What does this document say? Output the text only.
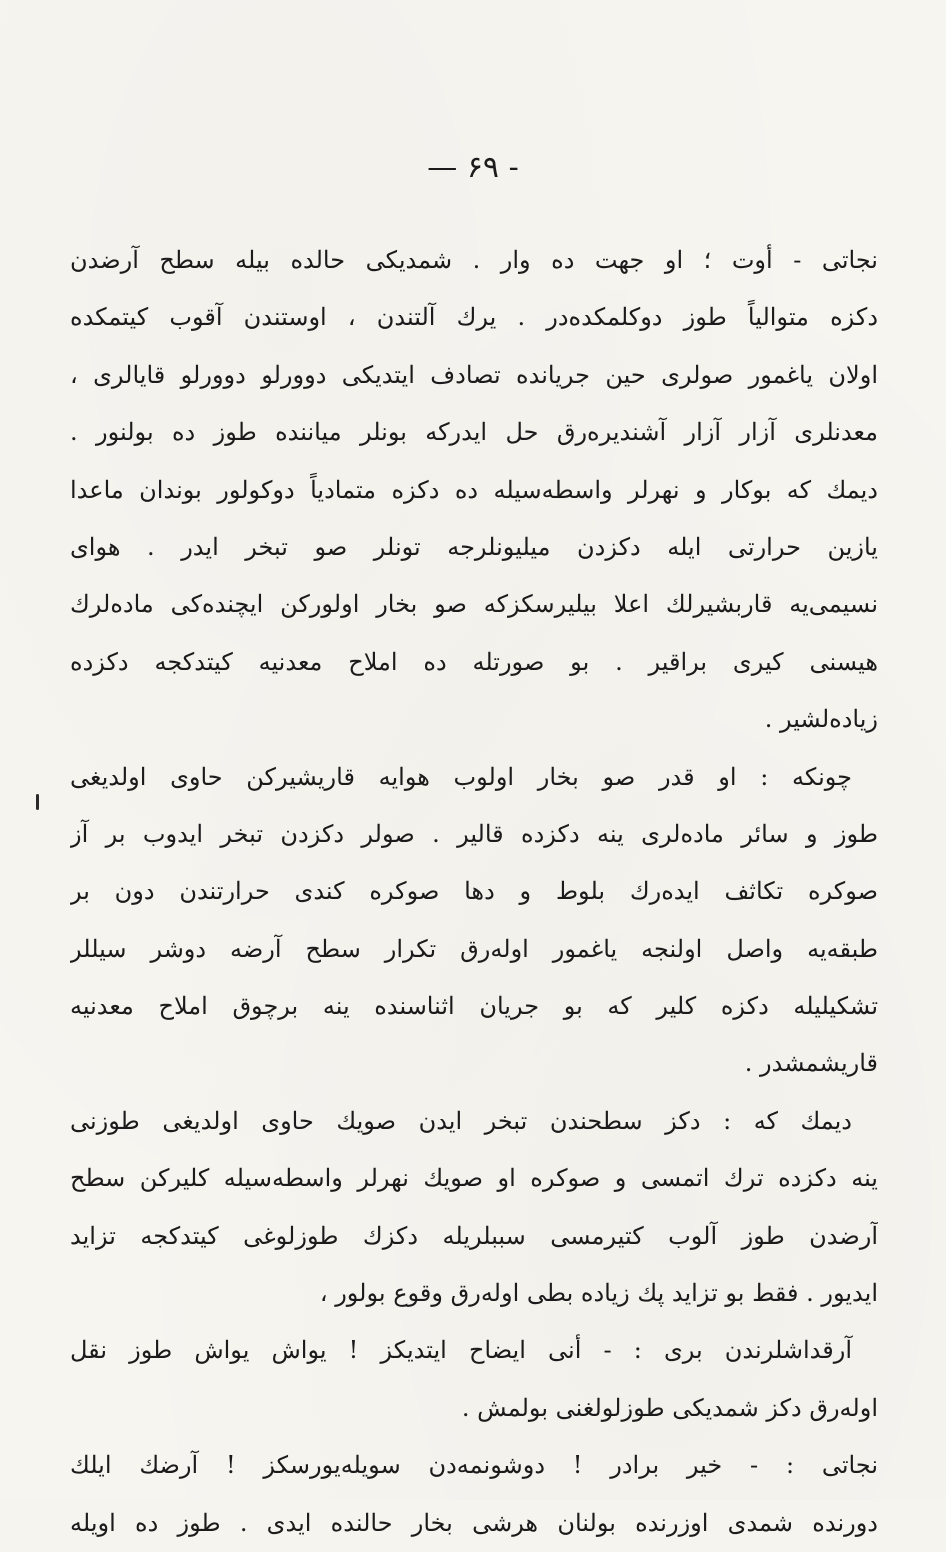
— ۶۹ -
نجاتی - أوت ؛ او جهت ده وار . شمدیکی حالده بیله سطح آرضدن
دکزه متوالیاً طوز دوکلمکده‌در . یرك آلتندن ، اوستندن آقوب کیتمکده
اولان یاغمور صولری حین جریانده تصادف ایتدیکی دوورلو دوورلو قایالری ،
معدنلری آزار آزار آشندیره‌رق حل ایدرکه بونلر میاننده طوز ده بولنور .
دیمك كه بوکار و نهرلر واسطه‌سیله ده دکزه متمادیاً دوکولور بوندان ماعدا
یازین حرارتی ایله دکزدن میلیونلرجه تونلر صو تبخر ایدر . هوای
نسیمی‌یه قاربشیرلك اعلا بیلیرسکزکه صو بخار اولورکن ایچنده‌کی ماده‌لرك
هیسنی کیری براقیر . بو صورتله ده املاح معدنیه کیتدکجه دکزده
زیاده‌لشیر .
چونکه : او قدر صو بخار اولوب هوایه قاریشیرکن حاوی اولدیغی
طوز و سائر ماده‌لری ینه دکزده قالیر . صولر دکزدن تبخر ایدوب بر آز
صوکره تکاثف ایده‌رك بلوط و دها صوکره کندی حرارتندن دون بر
طبقه‌یه واصل اولنجه یاغمور اوله‌رق تکرار سطح آرضه دوشر سیللر
تشکیلیله دکزه کلیر که بو جریان اثناسنده ینه برچوق املاح معدنیه
قاریشمشدر .
دیمك كه : دکز سطحندن تبخر ایدن صویك حاوی اولدیغی طوزنی
ینه دکزده ترك اتمسی و صوکره او صویك نهرلر واسطه‌سیله کلیرکن سطح
آرضدن طوز آلوب کتیرمسی سببلریله دکزك طوزلوغی کیتدکجه تزاید
ایدیور . فقط بو تزاید پك زیاده بطی اوله‌رق وقوع بولور ،
آرقداشلرندن بری : - أنی ایضاح ایتدیکز ! یواش یواش طوز نقل
اوله‌رق دکز شمدیکی طوزلولغنی بولمش .
نجاتی : - خیر برادر ! دوشونمه‌دن سویله‌یورسکز ! آرضك ایلك
دورنده شمدی اوزرنده بولنان هرشی بخار حالنده ایدی . طوز ده اویله
